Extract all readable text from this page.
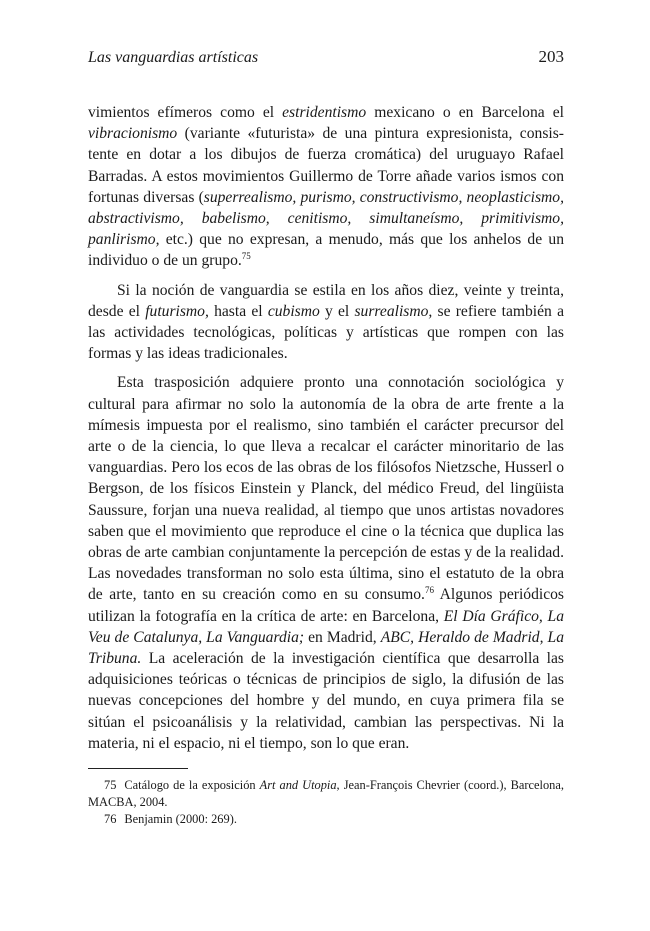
Las vanguardias artísticas	203

vimientos efímeros como el estridentismo mexicano o en Barcelona el vibracionismo (variante «futurista» de una pintura expresionista, consistente en dotar a los dibujos de fuerza cromática) del uruguayo Rafael Barradas. A estos movimientos Guillermo de Torre añade varios ismos con fortunas diversas (superrealismo, purismo, constructivismo, neoplasticismo, abstractivismo, babelismo, cenitismo, simultaneísmo, primitivismo, panlirismo, etc.) que no expresan, a menudo, más que los anhelos de un individuo o de un grupo.$^{75}$

Si la noción de vanguardia se estila en los años diez, veinte y treinta, desde el futurismo, hasta el cubismo y el surrealismo, se refiere también a las actividades tecnológicas, políticas y artísticas que rompen con las formas y las ideas tradicionales.

Esta trasposición adquiere pronto una connotación sociológica y cultural para afirmar no solo la autonomía de la obra de arte frente a la mímesis impuesta por el realismo, sino también el carácter precursor del arte o de la ciencia, lo que lleva a recalcar el carácter minoritario de las vanguardias. Pero los ecos de las obras de los filósofos Nietzsche, Husserl o Bergson, de los físicos Einstein y Planck, del médico Freud, del lingüista Saussure, forjan una nueva realidad, al tiempo que unos artistas novadores saben que el movimiento que reproduce el cine o la técnica que duplica las obras de arte cambian conjuntamente la percepción de estas y de la realidad. Las novedades transforman no solo esta última, sino el estatuto de la obra de arte, tanto en su creación como en su consumo.$^{76}$ Algunos periódicos utilizan la fotografía en la crítica de arte: en Barcelona, El Día Gráfico, La Veu de Catalunya, La Vanguardia; en Madrid, ABC, Heraldo de Madrid, La Tribuna. La aceleración de la investigación científica que desarrolla las adquisiciones teóricas o técnicas de principios de siglo, la difusión de las nuevas concepciones del hombre y del mundo, en cuya primera fila se sitúan el psicoanálisis y la relatividad, cambian las perspectivas. Ni la materia, ni el espacio, ni el tiempo, son lo que eran.

75 Catálogo de la exposición Art and Utopia, Jean-François Chevrier (coord.), Barcelona, MACBA, 2004.

76 Benjamin (2000: 269).
